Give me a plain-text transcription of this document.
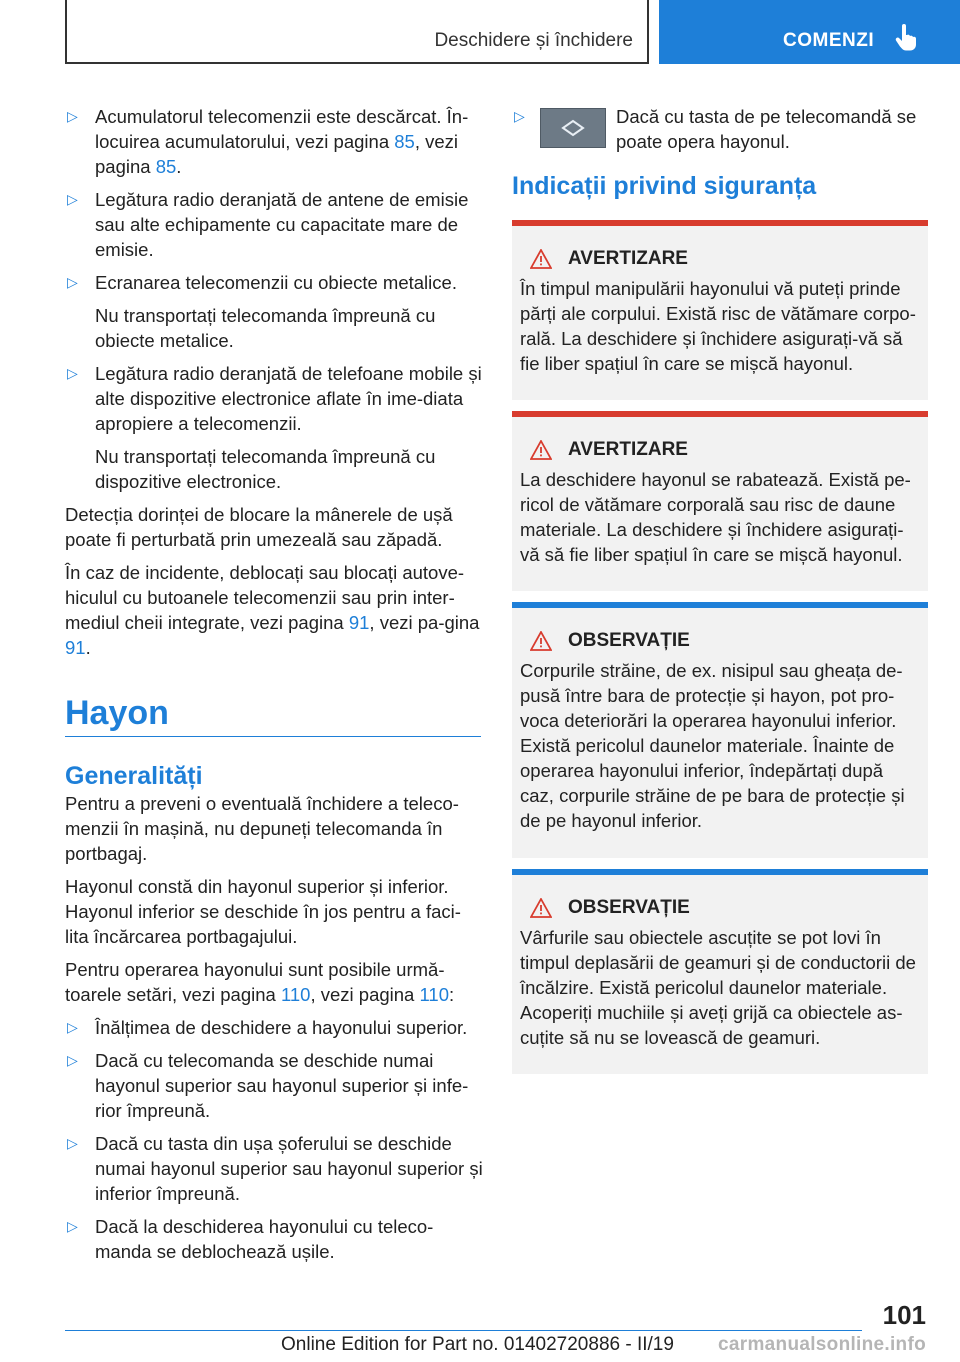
Deschidere și închidere	COMENZI
▷ Acumulatorul telecomenzii este descărcat. În-locuirea acumulatorului, vezi pagina 85, vezi pagina 85.
▷ Legătura radio deranjată de antene de emisie sau alte echipamente cu capacitate mare de emisie.
▷ Ecranarea telecomenzii cu obiecte metalice.
Nu transportați telecomanda împreună cu obiecte metalice.
▷ Legătura radio deranjată de telefoane mobile și alte dispozitive electronice aflate în ime-diata apropiere a telecomenzii.
Nu transportați telecomanda împreună cu dispozitive electronice.
Detecția dorinței de blocare la mânerele de ușă poate fi perturbată prin umezeală sau zăpadă.
În caz de incidente, deblocați sau blocați autove-hiculul cu butoanele telecomenzii sau prin inter-mediul cheii integrate, vezi pagina 91, vezi pa-gina 91.
Hayon
Generalități
Pentru a preveni o eventuală închidere a teleco-menzii în mașină, nu depuneți telecomanda în portbagaj.
Hayonul constă din hayonul superior și inferior. Hayonul inferior se deschide în jos pentru a faci-lita încărcarea portbagajului.
Pentru operarea hayonului sunt posibile urmă-toarele setări, vezi pagina 110, vezi pagina 110:
▷ Înălțimea de deschidere a hayonului superior.
▷ Dacă cu telecomanda se deschide numai hayonul superior sau hayonul superior și infe-rior împreună.
▷ Dacă cu tasta din ușa șoferului se deschide numai hayonul superior sau hayonul superior și inferior împreună.
▷ Dacă la deschiderea hayonului cu teleco-manda se deblochează ușile.
▷	Dacă cu tasta de pe telecomandă se poate opera hayonul.
Indicații privind siguranța
AVERTIZARE
În timpul manipulării hayonului vă puteți prinde părți ale corpului. Există risc de vătămare corpo-rală. La deschidere și închidere asigurați-vă să fie liber spațiul în care se mișcă hayonul.
AVERTIZARE
La deschidere hayonul se rabatează. Există pe-ricol de vătămare corporală sau risc de daune materiale. La deschidere și închidere asigurați-vă să fie liber spațiul în care se mișcă hayonul.
OBSERVAȚIE
Corpurile străine, de ex. nisipul sau gheața de-pusă între bara de protecție și hayon, pot pro-voca deteriorări la operarea hayonului inferior. Există pericolul daunelor materiale. Înainte de operarea hayonului inferior, îndepărtați după caz, corpurile străine de pe bara de protecție și de pe hayonul inferior.
OBSERVAȚIE
Vârfurile sau obiectele ascuțite se pot lovi în timpul deplasării de geamuri și de conductorii de încălzire. Există pericolul daunelor materiale. Acoperiți muchiile și aveți grijă ca obiectele as-cuțite să nu se lovească de geamuri.
101
Online Edition for Part no. 01402720886 - II/19 carmanualsonline.info
